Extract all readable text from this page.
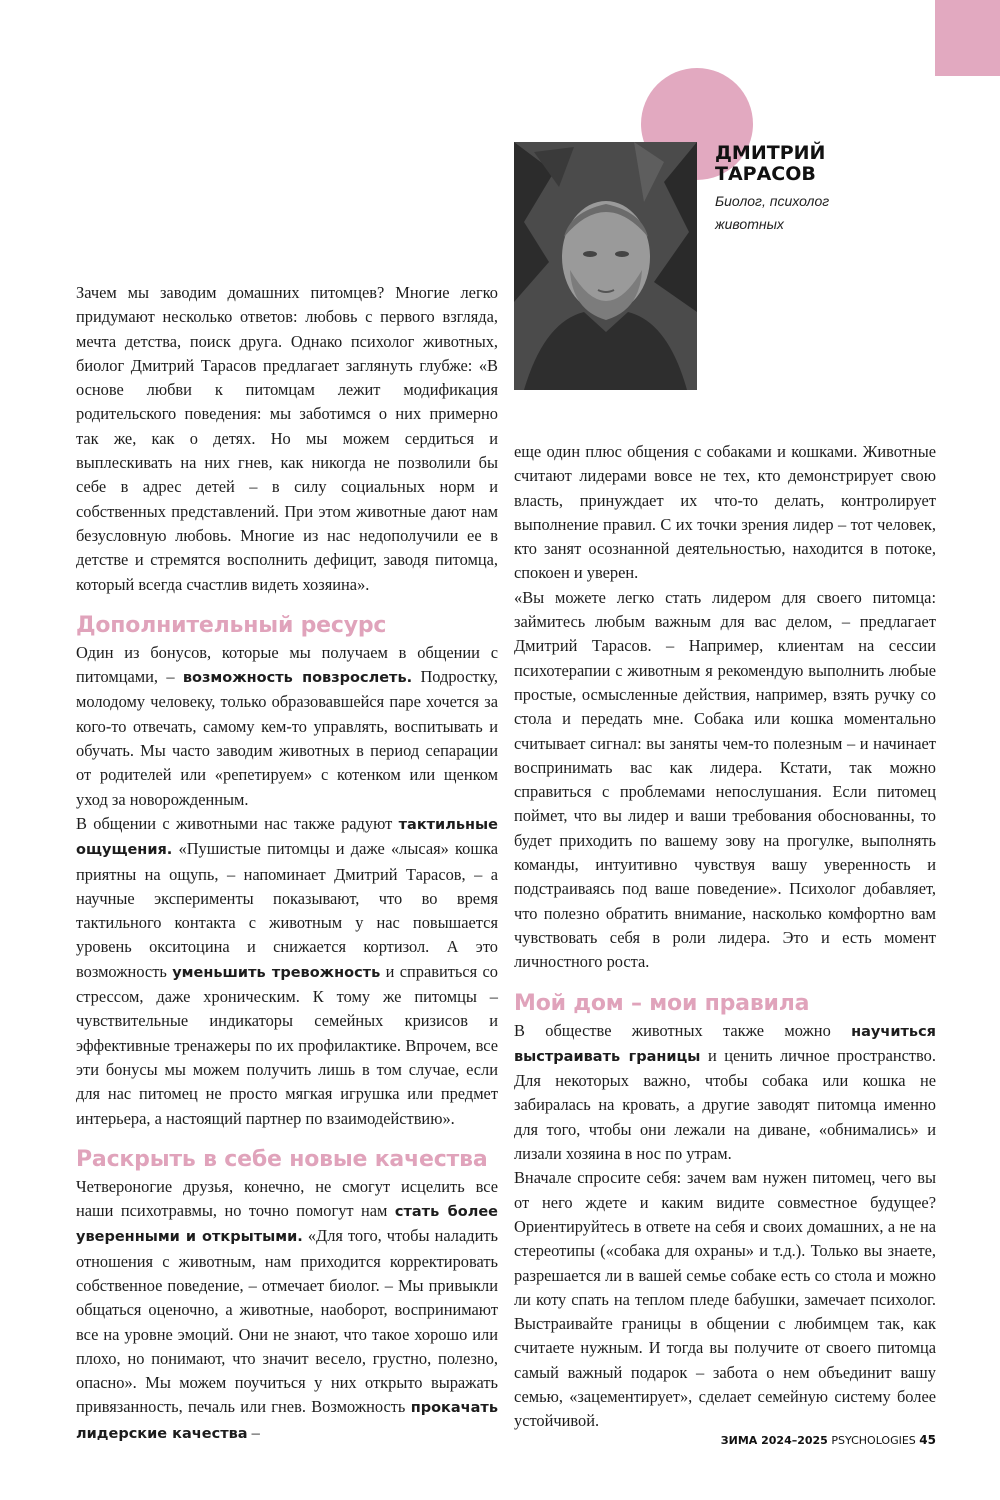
ДМИТРИЙ
ТАРАСОВ
Биолог, психолог
животных

Зачем мы заводим домашних питомцев? Многие легко придумают несколько ответов: любовь с первого взгляда, мечта детства, поиск друга. Однако психолог животных, биолог Дмитрий Тарасов предлагает заглянуть глубже: «В основе любви к питомцам лежит модификация родительского поведения: мы заботимся о них примерно так же, как о детях. Но мы можем сердиться и выплескивать на них гнев, как никогда не позволили бы себе в адрес детей – в силу социальных норм и собственных представлений. При этом животные дают нам безусловную любовь. Многие из нас недополучили ее в детстве и стремятся восполнить дефицит, заводя питомца, который всегда счастлив видеть хозяина».

Дополнительный ресурс

Один из бонусов, которые мы получаем в общении с питомцами, – возможность повзрослеть. Подростку, молодому человеку, только образовавшейся паре хочется за кого-то отвечать, самому кем-то управлять, воспитывать и обучать. Мы часто заводим животных в период сепарации от родителей или «репетируем» с котенком или щенком уход за новорожденным.

В общении с животными нас также радуют тактильные ощущения. «Пушистые питомцы и даже «лысая» кошка приятны на ощупь, – напоминает Дмитрий Тарасов, – а научные эксперименты показывают, что во время тактильного контакта с животным у нас повышается уровень окситоцина и снижается кортизол. А это возможность уменьшить тревожность и справиться со стрессом, даже хроническим. К тому же питомцы – чувствительные индикаторы семейных кризисов и эффективные тренажеры по их профилактике. Впрочем, все эти бонусы мы можем получить лишь в том случае, если для нас питомец не просто мягкая игрушка или предмет интерьера, а настоящий партнер по взаимодействию».

Раскрыть в себе новые качества

Четвероногие друзья, конечно, не смогут исцелить все наши психотравмы, но точно помогут нам стать более уверенными и открытыми. «Для того, чтобы наладить отношения с животным, нам приходится корректировать собственное поведение, – отмечает биолог. – Мы привыкли общаться оценочно, а животные, наоборот, воспринимают все на уровне эмоций. Они не знают, что такое хорошо или плохо, но понимают, что значит весело, грустно, полезно, опасно». Мы можем поучиться у них открыто выражать привязанность, печаль или гнев. Возможность прокачать лидерские качества –

еще один плюс общения с собаками и кошками. Животные считают лидерами вовсе не тех, кто демонстрирует свою власть, принуждает их что-то делать, контролирует выполнение правил. С их точки зрения лидер – тот человек, кто занят осознанной деятельностью, находится в потоке, спокоен и уверен.

«Вы можете легко стать лидером для своего питомца: займитесь любым важным для вас делом, – предлагает Дмитрий Тарасов. – Например, клиентам на сессии психотерапии с животным я рекомендую выполнить любые простые, осмысленные действия, например, взять ручку со стола и передать мне. Собака или кошка моментально считывает сигнал: вы заняты чем-то полезным – и начинает воспринимать вас как лидера. Кстати, так можно справиться с проблемами непослушания. Если питомец поймет, что вы лидер и ваши требования обоснованны, то будет приходить по вашему зову на прогулке, выполнять команды, интуитивно чувствуя вашу уверенность и подстраиваясь под ваше поведение». Психолог добавляет, что полезно обратить внимание, насколько комфортно вам чувствовать себя в роли лидера. Это и есть момент личностного роста.

Мой дом – мои правила

В обществе животных также можно научиться выстраивать границы и ценить личное пространство. Для некоторых важно, чтобы собака или кошка не забиралась на кровать, а другие заводят питомца именно для того, чтобы они лежали на диване, «обнимались» и лизали хозяина в нос по утрам.

Вначале спросите себя: зачем вам нужен питомец, чего вы от него ждете и каким видите совместное будущее? Ориентируйтесь в ответе на себя и своих домашних, а не на стереотипы («собака для охраны» и т.д.). Только вы знаете, разрешается ли в вашей семье собаке есть со стола и можно ли коту спать на теплом пледе бабушки, замечает психолог. Выстраивайте границы в общении с любимцем так, как считаете нужным. И тогда вы получите от своего питомца самый важный подарок – забота о нем объединит вашу семью, «зацементирует», сделает семейную систему более устойчивой.

ЗИМА 2024–2025 PSYCHOLOGIES 45
